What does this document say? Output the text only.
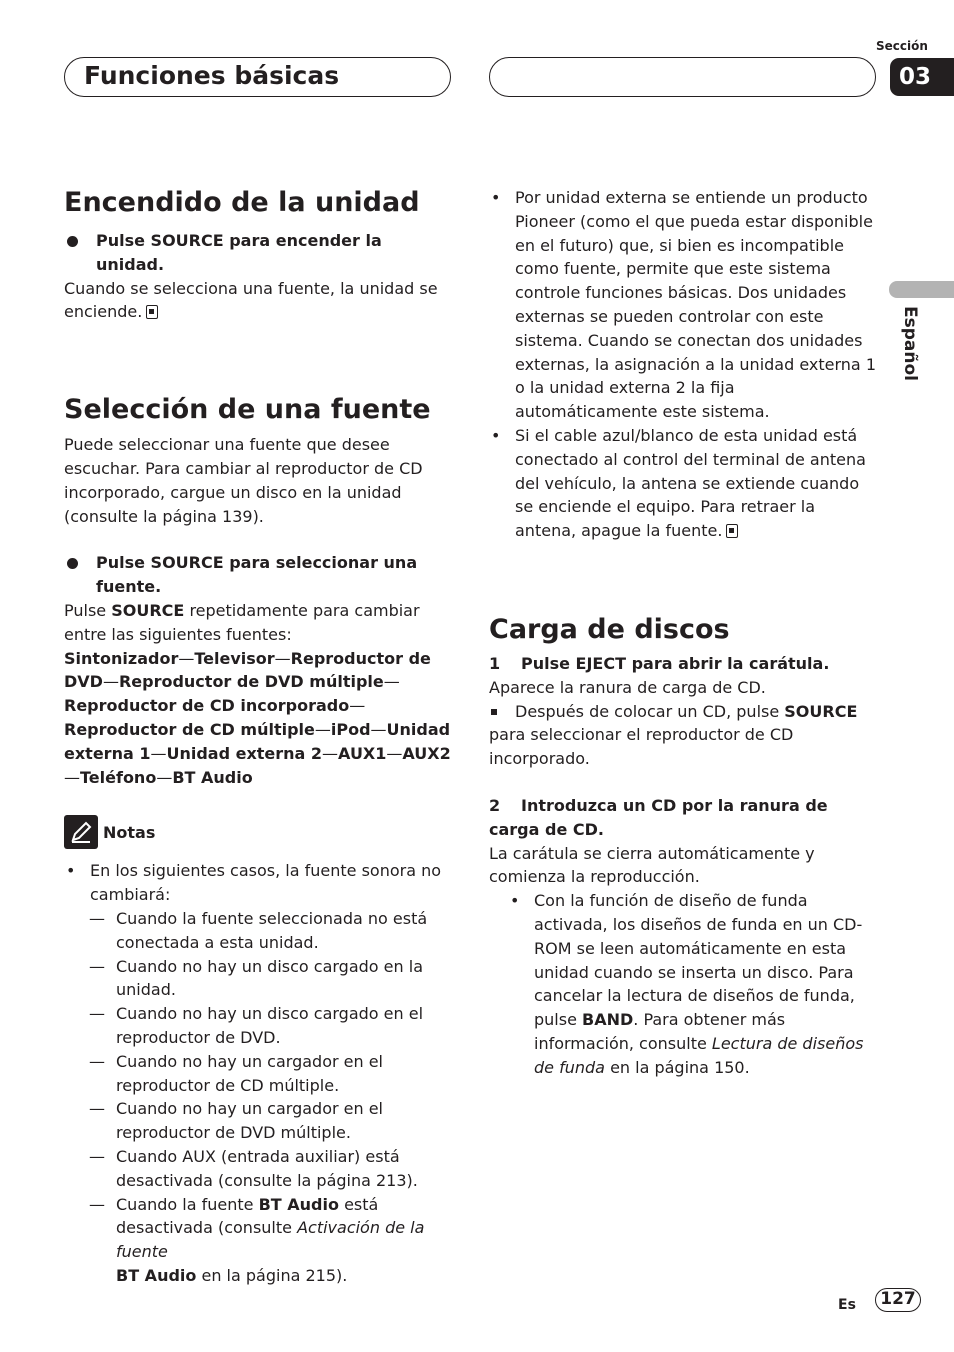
Funciones básicas
Sección
03
Español
Encendido de la unidad

Pulse SOURCE para encender la unidad.

Cuando se selecciona una fuente, la unidad se enciende.

Selección de una fuente

Puede seleccionar una fuente que desee escuchar. Para cambiar al reproductor de CD incorporado, cargue un disco en la unidad (consulte la página 139).

Pulse SOURCE para seleccionar una fuente.

Pulse SOURCE repetidamente para cambiar entre las siguientes fuentes:

Sintonizador—Televisor—Reproductor de DVD—Reproductor de DVD múltiple—Reproductor de CD incorporado—Reproductor de CD múltiple—iPod—Unidad externa 1—Unidad externa 2—AUX1—AUX2—Teléfono—BT Audio

Notas
• En los siguientes casos, la fuente sonora no cambiará:
— Cuando la fuente seleccionada no está conectada a esta unidad.
— Cuando no hay un disco cargado en la unidad.
— Cuando no hay un disco cargado en el reproductor de DVD.
— Cuando no hay un cargador en el reproductor de CD múltiple.
— Cuando no hay un cargador en el reproductor de DVD múltiple.
— Cuando AUX (entrada auxiliar) está desactivada (consulte la página 213).
— Cuando la fuente BT Audio está desactivada (consulte Activación de la fuente
BT Audio en la página 215).
• Por unidad externa se entiende un producto Pioneer (como el que pueda estar disponible en el futuro) que, si bien es incompatible como fuente, permite que este sistema controle funciones básicas. Dos unidades externas se pueden controlar con este sistema. Cuando se conectan dos unidades externas, la asignación a la unidad externa 1 o la unidad externa 2 la fija automáticamente este sistema.
• Si el cable azul/blanco de esta unidad está conectado al control del terminal de antena del vehículo, la antena se extiende cuando se enciende el equipo. Para retraer la antena, apague la fuente.
Carga de discos

1 Pulse EJECT para abrir la carátula.

Aparece la ranura de carga de CD.

Después de colocar un CD, pulse SOURCE

para seleccionar el reproductor de CD incorporado.

2 Introduzca un CD por la ranura de carga de CD.

La carátula se cierra automáticamente y comienza la reproducción.

• Con la función de diseño de funda activada, los diseños de funda en un CD-ROM se leen automáticamente en esta unidad cuando se inserta un disco. Para cancelar la lectura de diseños de funda, pulse BAND. Para obtener más información, consulte Lectura de diseños de funda en la página 150.

Es	127
